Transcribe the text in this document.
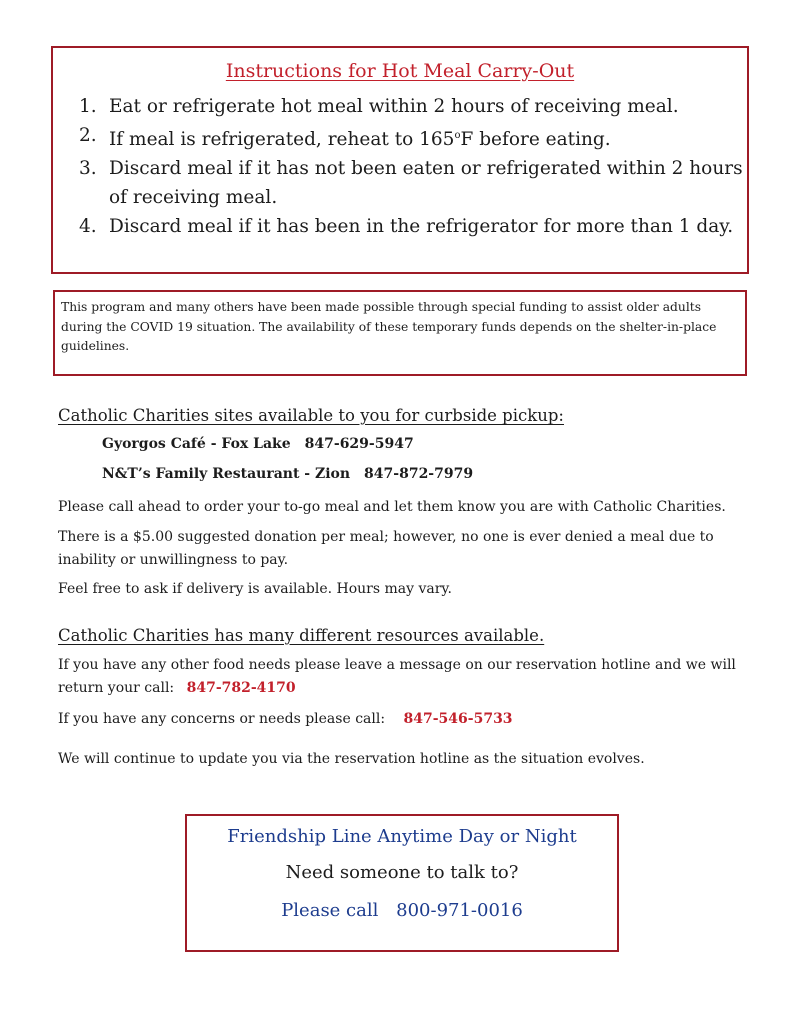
Instructions for Hot Meal Carry-Out
1. Eat or refrigerate hot meal within 2 hours of receiving meal.
2. If meal is refrigerated, reheat to 165$^o$F before eating.
3. Discard meal if it has not been eaten or refrigerated within 2 hours of receiving meal.
4. Discard meal if it has been in the refrigerator for more than 1 day.
This program and many others have been made possible through special funding to assist older adults during the COVID 19 situation. The availability of these temporary funds depends on the shelter-in-place guidelines.
Catholic Charities sites available to you for curbside pickup:
Gyorgos Café - Fox Lake 847-629-5947
N&T’s Family Restaurant - Zion 847-872-7979
Please call ahead to order your to-go meal and let them know you are with Catholic Charities.
There is a $5.00 suggested donation per meal; however, no one is ever denied a meal due to inability or unwillingness to pay.
Feel free to ask if delivery is available. Hours may vary.
Catholic Charities has many different resources available.
If you have any other food needs please leave a message on our reservation hotline and we will return your call: 847-782-4170
If you have any concerns or needs please call: 847-546-5733
We will continue to update you via the reservation hotline as the situation evolves.
Friendship Line Anytime Day or Night
Need someone to talk to?
Please call 800-971-0016
